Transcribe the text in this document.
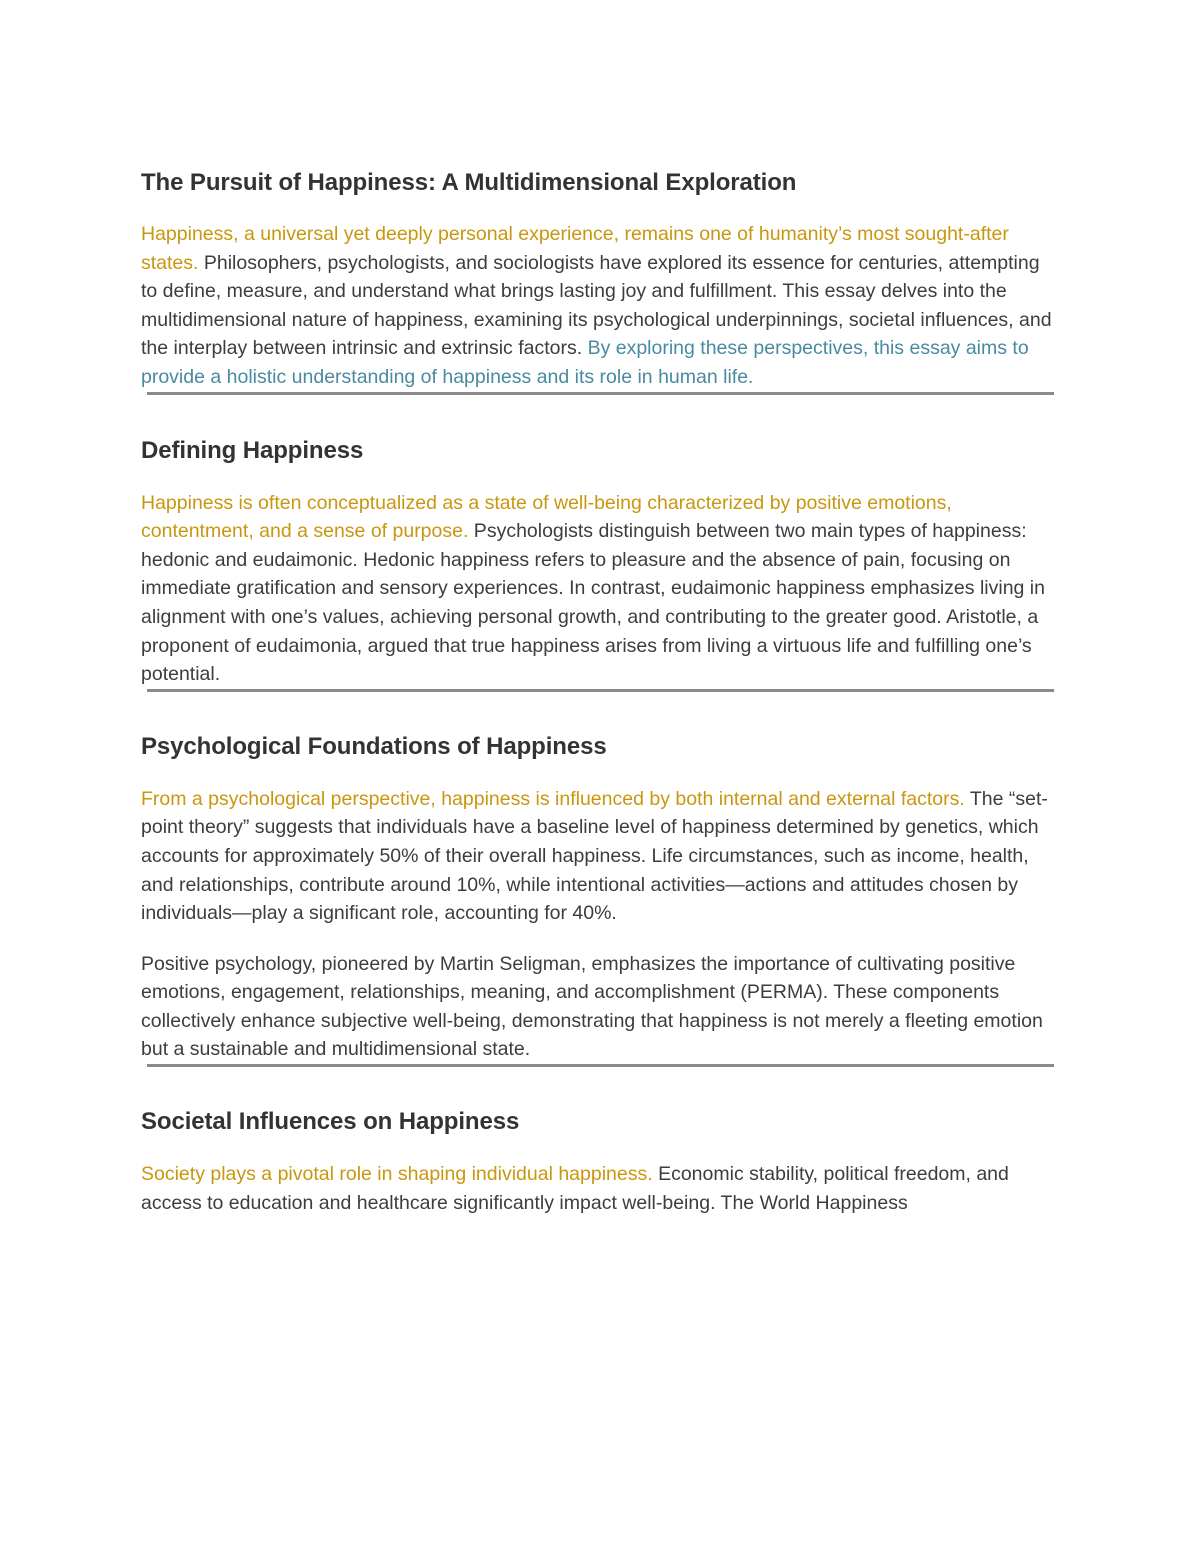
The Pursuit of Happiness: A Multidimensional Exploration

Happiness, a universal yet deeply personal experience, remains one of humanity’s most sought-after states. Philosophers, psychologists, and sociologists have explored its essence for centuries, attempting to define, measure, and understand what brings lasting joy and fulfillment. This essay delves into the multidimensional nature of happiness, examining its psychological underpinnings, societal influences, and the interplay between intrinsic and extrinsic factors. By exploring these perspectives, this essay aims to provide a holistic understanding of happiness and its role in human life.

Defining Happiness

Happiness is often conceptualized as a state of well-being characterized by positive emotions, contentment, and a sense of purpose. Psychologists distinguish between two main types of happiness: hedonic and eudaimonic. Hedonic happiness refers to pleasure and the absence of pain, focusing on immediate gratification and sensory experiences. In contrast, eudaimonic happiness emphasizes living in alignment with one’s values, achieving personal growth, and contributing to the greater good. Aristotle, a proponent of eudaimonia, argued that true happiness arises from living a virtuous life and fulfilling one’s potential.

Psychological Foundations of Happiness

From a psychological perspective, happiness is influenced by both internal and external factors. The “set-point theory” suggests that individuals have a baseline level of happiness determined by genetics, which accounts for approximately 50% of their overall happiness. Life circumstances, such as income, health, and relationships, contribute around 10%, while intentional activities—actions and attitudes chosen by individuals—play a significant role, accounting for 40%.

Positive psychology, pioneered by Martin Seligman, emphasizes the importance of cultivating positive emotions, engagement, relationships, meaning, and accomplishment (PERMA). These components collectively enhance subjective well-being, demonstrating that happiness is not merely a fleeting emotion but a sustainable and multidimensional state.

Societal Influences on Happiness

Society plays a pivotal role in shaping individual happiness. Economic stability, political freedom, and access to education and healthcare significantly impact well-being. The World Happiness
